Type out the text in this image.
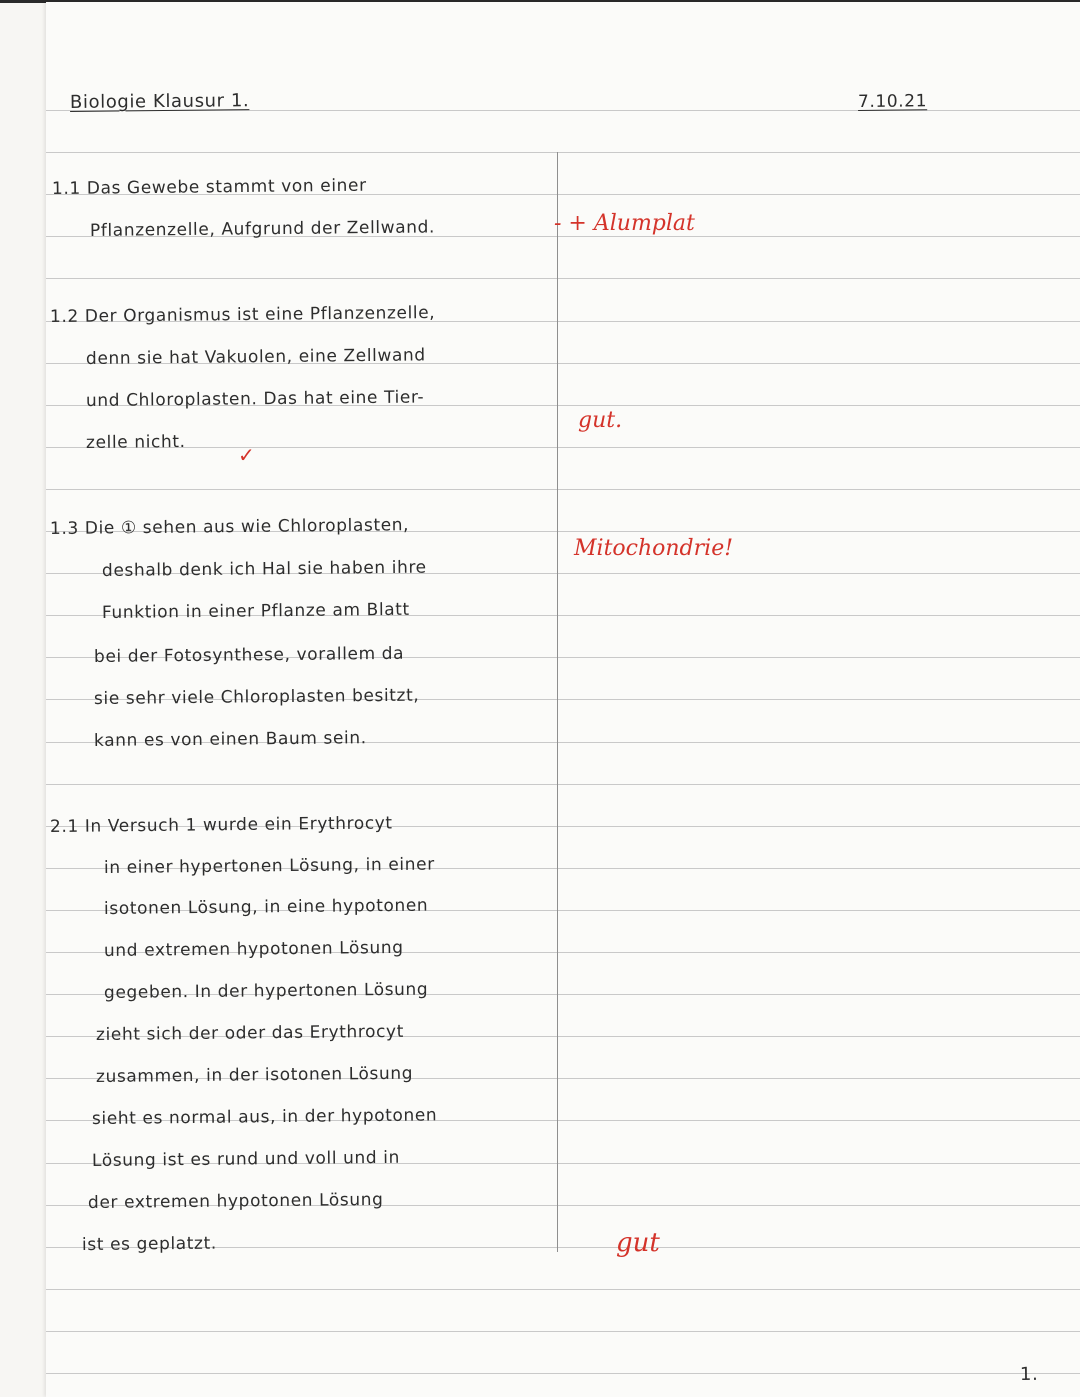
Biologie Klausur 1.	7.10.21
1.1 Das Gewebe stammt von einer
Pflanzenzelle, Aufgrund der Zellwand.
1.2 Der Organismus ist eine Pflanzenzelle,
denn sie hat Vakuolen, eine Zellwand
und Chloroplasten. Das hat eine Tier-
zelle nicht.
✓
1.3 Die ① sehen aus wie Chloroplasten,
deshalb denk ich Hal sie haben ihre
Funktion in einer Pflanze am Blatt
bei der Fotosynthese, vorallem da
sie sehr viele Chloroplasten besitzt,
kann es von einen Baum sein.
2.1 In Versuch 1 wurde ein Erythrocyt
in einer hypertonen Lösung, in einer
isotonen Lösung, in eine hypotonen
und extremen hypotonen Lösung
gegeben. In der hypertonen Lösung
zieht sich der oder das Erythrocyt
zusammen, in der isotonen Lösung
sieht es normal aus, in der hypotonen
Lösung ist es rund und voll und in
der extremen hypotonen Lösung
ist es geplatzt.
- + Alumplat
gut.
Mitochondrie!
gut
1.
